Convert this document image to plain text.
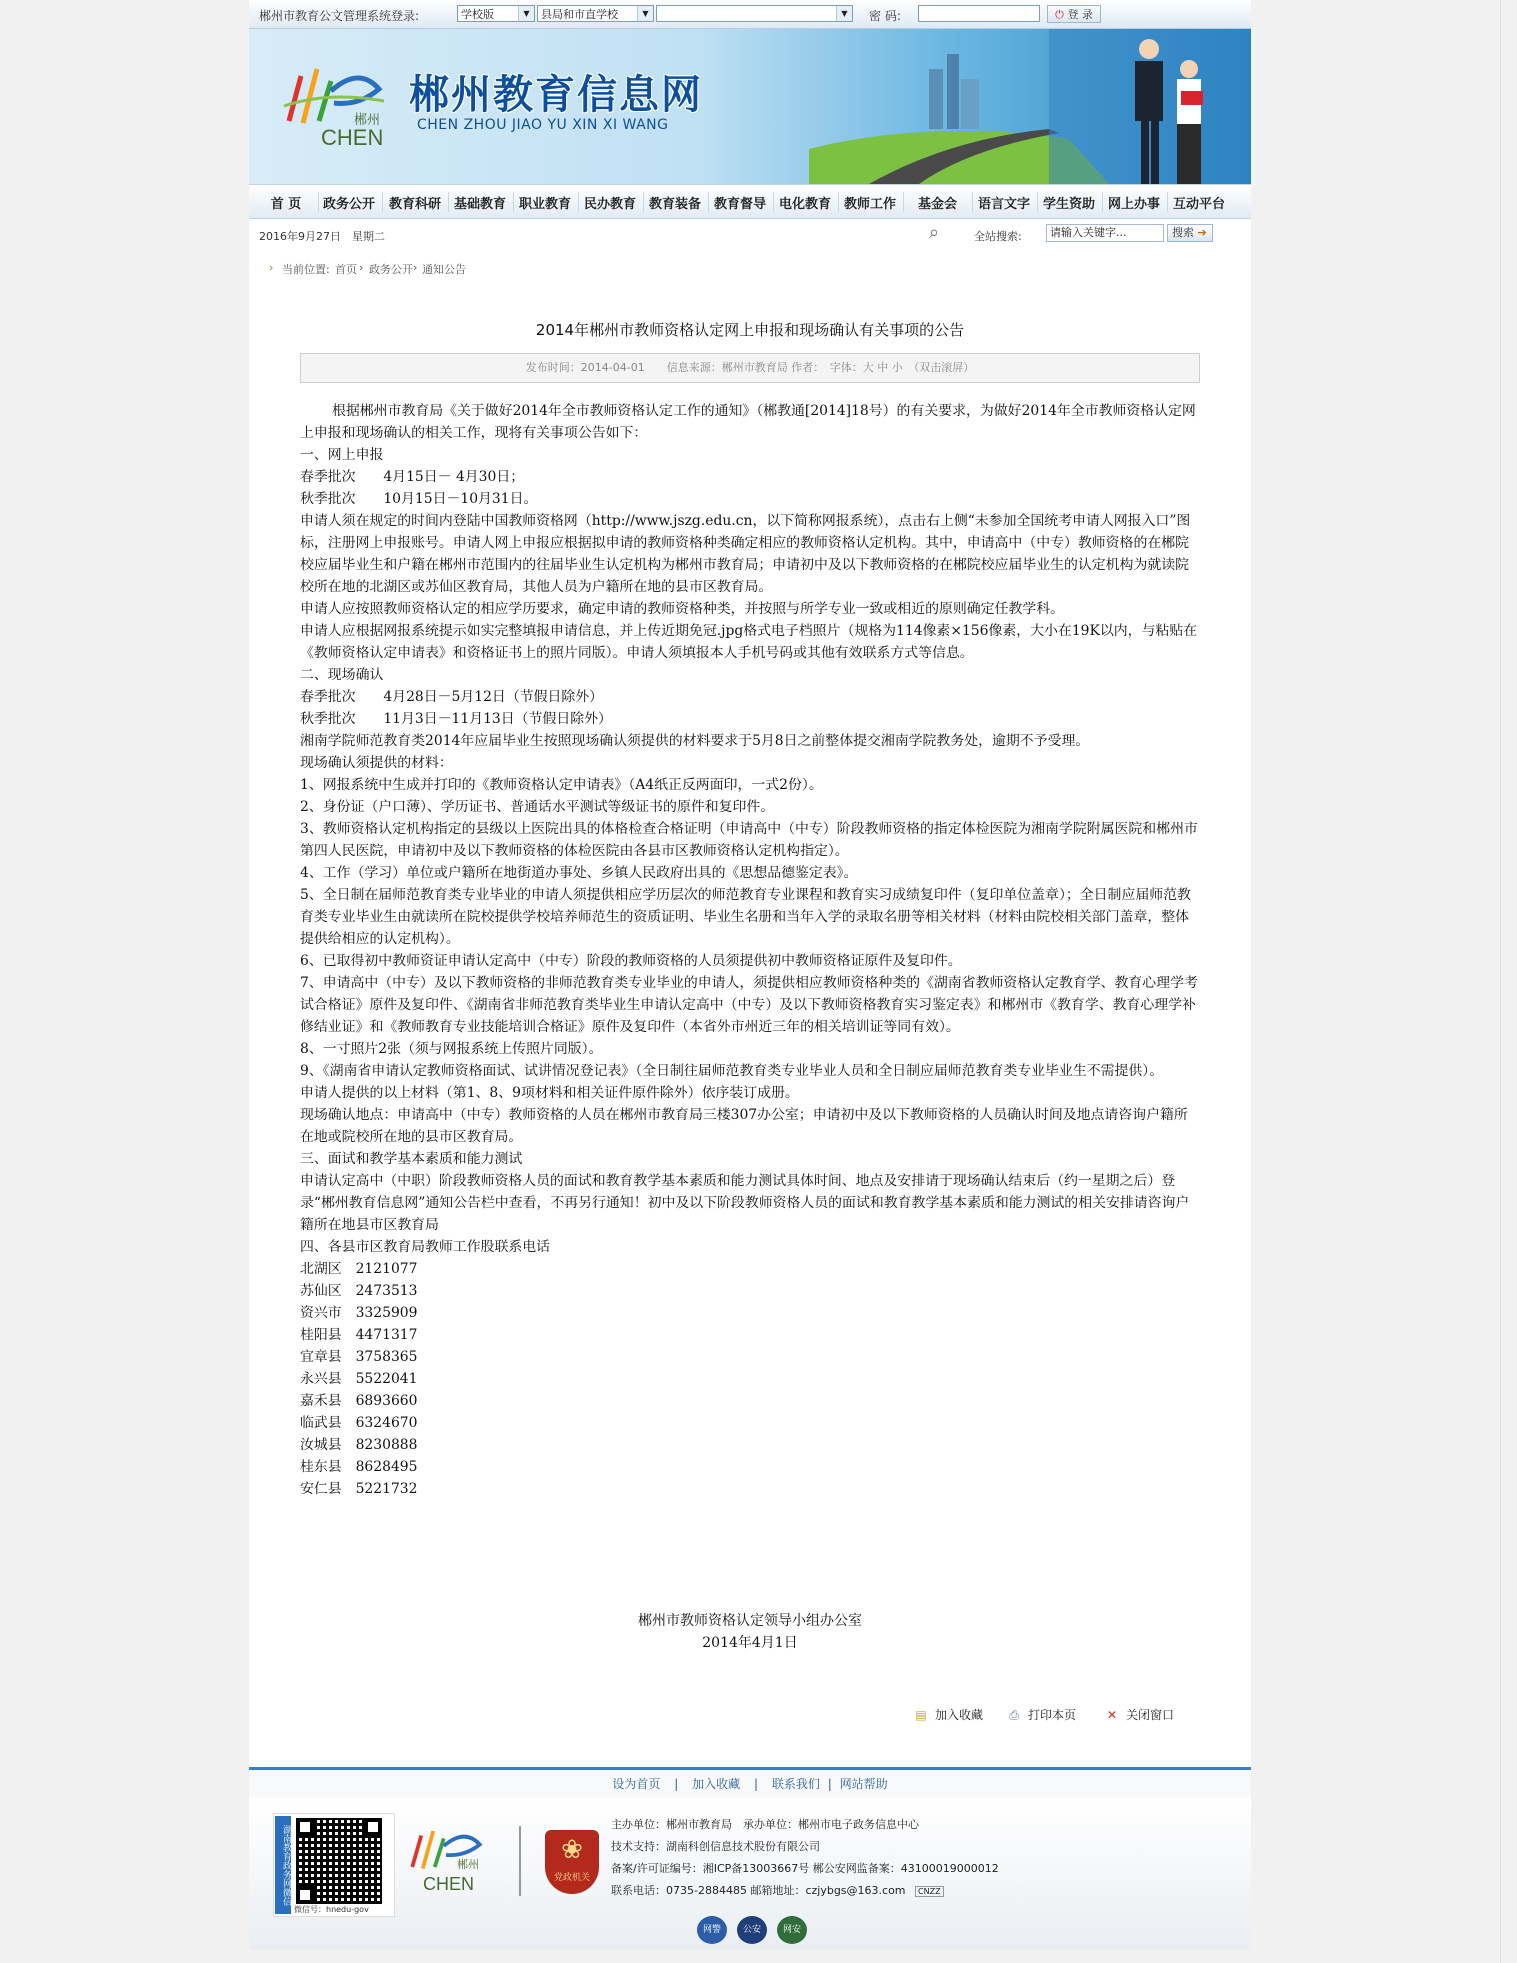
郴州市教育公文管理系统登录:	学校版	▼	县局和市直学校	▼	▼	密 码:	⏻ 登 录
郴州
CHEN
郴州教育信息网
CHEN ZHOU JIAO YU XIN XI WANG
首 页	政务公开	教育科研 基础教育 职业教育 民办教育 教育装备 教育督导 电化教育 教师工作	基金会	语言文字 学生资助 网上办事 互动平台
2016年9月27日　 星期二	⌕	全站搜索:	请输入关键字...	搜索 ➔
› 当前位置: 首页 › 政务公开 › 通知公告
2014年郴州市教师资格认定网上申报和现场确认有关事项的公告
发布时间：2014-04-01　　信息来源：郴州市教育局 作者：　字体：大 中 小　（双击滚屏）

根据郴州市教育局《关于做好2014年全市教师资格认定工作的通知》（郴教通[2014]18号）的有关要求，为做好2014年全市教师资格认定网上申报和现场确认的相关工作，现将有关事项公告如下：

一、网上申报

春季批次　　4月15日－ 4月30日；

秋季批次　　10月15日－10月31日。

申请人须在规定的时间内登陆中国教师资格网（http://www.jszg.edu.cn，以下简称网报系统），点击右上侧“未参加全国统考申请人网报入口”图标，注册网上申报账号。申请人网上申报应根据拟申请的教师资格种类确定相应的教师资格认定机构。其中，申请高中（中专）教师资格的在郴院校应届毕业生和户籍在郴州市范围内的往届毕业生认定机构为郴州市教育局；申请初中及以下教师资格的在郴院校应届毕业生的认定机构为就读院校所在地的北湖区或苏仙区教育局，其他人员为户籍所在地的县市区教育局。

申请人应按照教师资格认定的相应学历要求，确定申请的教师资格种类，并按照与所学专业一致或相近的原则确定任教学科。

申请人应根据网报系统提示如实完整填报申请信息，并上传近期免冠.jpg格式电子档照片（规格为114像素×156像素，大小在19K以内，与粘贴在《教师资格认定申请表》和资格证书上的照片同版）。申请人须填报本人手机号码或其他有效联系方式等信息。

二、现场确认

春季批次　　4月28日－5月12日（节假日除外）

秋季批次　　11月3日－11月13日（节假日除外）

湘南学院师范教育类2014年应届毕业生按照现场确认须提供的材料要求于5月8日之前整体提交湘南学院教务处，逾期不予受理。

现场确认须提供的材料：

1、网报系统中生成并打印的《教师资格认定申请表》（A4纸正反两面印，一式2份）。

2、身份证（户口薄）、学历证书、普通话水平测试等级证书的原件和复印件。

3、教师资格认定机构指定的县级以上医院出具的体格检查合格证明（申请高中（中专）阶段教师资格的指定体检医院为湘南学院附属医院和郴州市第四人民医院，申请初中及以下教师资格的体检医院由各县市区教师资格认定机构指定）。

4、工作（学习）单位或户籍所在地街道办事处、乡镇人民政府出具的《思想品德鉴定表》。

5、全日制在届师范教育类专业毕业的申请人须提供相应学历层次的师范教育专业课程和教育实习成绩复印件（复印单位盖章）；全日制应届师范教育类专业毕业生由就读所在院校提供学校培养师范生的资质证明、毕业生名册和当年入学的录取名册等相关材料（材料由院校相关部门盖章，整体提供给相应的认定机构）。

6、已取得初中教师资证申请认定高中（中专）阶段的教师资格的人员须提供初中教师资格证原件及复印件。

7、申请高中（中专）及以下教师资格的非师范教育类专业毕业的申请人，须提供相应教师资格种类的《湖南省教师资格认定教育学、教育心理学考试合格证》原件及复印件、《湖南省非师范教育类毕业生申请认定高中（中专）及以下教师资格教育实习鉴定表》和郴州市《教育学、教育心理学补修结业证》和《教师教育专业技能培训合格证》原件及复印件（本省外市州近三年的相关培训证等同有效）。

8、一寸照片2张（须与网报系统上传照片同版）。

9、《湖南省申请认定教师资格面试、试讲情况登记表》（全日制往届师范教育类专业毕业人员和全日制应届师范教育类专业毕业生不需提供）。

申请人提供的以上材料（第1、8、9项材料和相关证件原件除外）依序装订成册。

现场确认地点：申请高中（中专）教师资格的人员在郴州市教育局三楼307办公室；申请初中及以下教师资格的人员确认时间及地点请咨询户籍所在地或院校所在地的县市区教育局。

三、面试和教学基本素质和能力测试

申请认定高中（中职）阶段教师资格人员的面试和教育教学基本素质和能力测试具体时间、地点及安排请于现场确认结束后（约一星期之后）登录“郴州教育信息网”通知公告栏中查看，不再另行通知！初中及以下阶段教师资格人员的面试和教育教学基本素质和能力测试的相关安排请咨询户籍所在地县市区教育局

四、各县市区教育局教师工作股联系电话

北湖区　 2121077

苏仙区　 2473513

资兴市　 3325909

桂阳县　 4471317

宜章县　 3758365

永兴县　 5522041

嘉禾县　 6893660

临武县　 6324670

汝城县　 8230888

桂东县　 8628495

安仁县　 5221732

郴州市教师资格认定领导小组办公室
2014年4月1日
▤ 加入收藏 ⎙ 打印本页	✕ 关闭窗口
设为首页 | 加入收藏 | 联系我们 | 网站帮助
湖南教育政务网微信
微信号：hnedu-gov
郴州
CHEN
❀
党政机关
主办单位：郴州市教育局　承办单位：郴州市电子政务信息中心
技术支持：湖南科创信息技术股份有限公司
备案/许可证编号：湘ICP备13003667号 郴公安网监备案：43100019000012
联系电话：0735-2884485 邮箱地址：czjybgs@163.com CNZZ
网警	公安	网安
